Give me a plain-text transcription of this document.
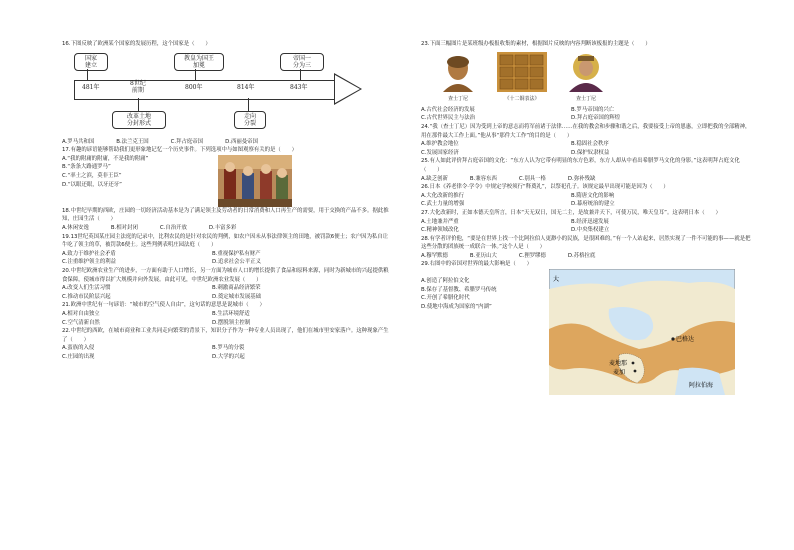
16.下图反映了欧洲某个国家的发展历程，这个国家是（　　）

国家
建立
教皇为国王
加冕
帝国一
分为三
481年
8世纪
前期	800年	814年	843年
改革土地
分封形式
走向
分裂
A.罗马共和国	B.法兰克王国	C.拜占庭帝国	D.西丽曼帝国

17.有趣的谚语能够帮助我们更形象地记忆一个历史事件。下列选项中与如图观察有关的是（　　）

A.“我的附庸的附庸，不是我的附庸”
B.“条条大路通罗马”
C.“率土之滨，莫非王臣”
D.“以眼还眼，以牙还牙”

18.中世纪早期的西欧，庄园的一切经济活动基本是为了满足领主及劳动者的日常消费和人口再生产的需要，用于交换的产品不多。据此推知，庄园生活（　　）

A.休闲安逸	B.相对封闭	C.自治开放	D.丰富多彩

19.13世纪英国某庄园主法庭的记录中，比利农民的是针对农民的判例，如农户因未从事法律领主的田地，被罚款6便士；农户因为私自让牛吃了领主的草，被罚款6便士。这些判例表明庄园法庭（　　）

A.致力于维护社会矛盾	B.重视保护私有财产
C.注重维护领主的利益	D.追求社会公平正义

20.中世纪欧洲农业生产的进步，一方面有助于人口增长，另一方面为城市人口的增长提供了食品和原料来源，同时为新城市的兴起提供粮食保障，使城市得以扩大规模并向外发展。由此可见，中世纪欧洲农业发展（　　）

A.改变人们生活习惯	B.刺激商品经济繁荣
C.推动市民阶层兴起	D.奠定城市发展基础

21.欧洲中世纪有一句谚语：“城市的空气使人自由”，这句话的意思是说城市（　　）

A.相对自由独立	B.生活环境舒适
C.空气清新自然	D.摆脱领主控制

22.中世纪的西欧，在城市商业和工业共同走向繁荣的背景下，知识分子作为一种专业人员出现了，他们在城市里安家落户。这种现象产生了（　　）

A.蛮族的入侵	B.罗马的分裂
C.庄园的出现	D.大学的兴起

23.下面三幅图片是某班级办板报收集的素材，根据图片反映的内容判断该板报的主题是（　　）

查士丁尼	《十二铜表法》	查士丁尼
A.古代社会经济的发展	B.罗马帝国的兴亡
C.古代世界民主与法治	D.拜占庭帝国的辉煌

24.“我（查士丁尼）因为受到上帝的意志而将军前诸于法律……在我的教会和步骤和谐之后，我要接受上帝的恩惠，立即把我的全部精神，用在那件最大工作上面。”他从事“那件大工作”的目的是（　　）

A.维护教会地位	B.稳固社会秩序
C.发展国家经济	D.保护奴隶权益

25.有人如此评价拜占庭帝国的文化：“东方人认为它带有明显的东方色彩，东方人却从中看出希腊罗马文化的身影。”这表明拜占庭文化（　　）

A.缺乏创新	B.兼容东西	C.别具一格	D.弥补残缺

26.日本《养老律令·学令》中规定学校须行“释奠礼”，以祭祀孔子。该规定最早出现可能是因为（　　）

A.大化改新的推行	B.隋唐文化的影响
C.武士力量的增强	D.幕府统治的建立

27.大化改新时，正如本德天皇所言，日本“天无双日，国无二主，是故兼并天下，可使万民，唯天皇耳”。这表明日本（　　）

A.土地兼并严重	B.经济迅速发展
C.精神领域改化	D.中央集权建立

28.有学者评价他，“要是在世界上找一个比阿拉伯人更渺小的民族，是很困难的。”有一个人站起来，居然实现了一件不可能的事——就是把这些分散的团族统一成联合一体。”这个人是（　　）

A.穆罕默德	B.亚历山大	C.狸罗缪德	D.苏格拉底

29.右图中的帝国对世界的最大影响是（　　）

A.创造了阿拉伯文化
B.保存了基督教、希腊罗马传统
C.开创了希腊化时代
D.使地中海成为国家的“内湖”
巴格达
麦地那
麦加
阿拉伯海
大
